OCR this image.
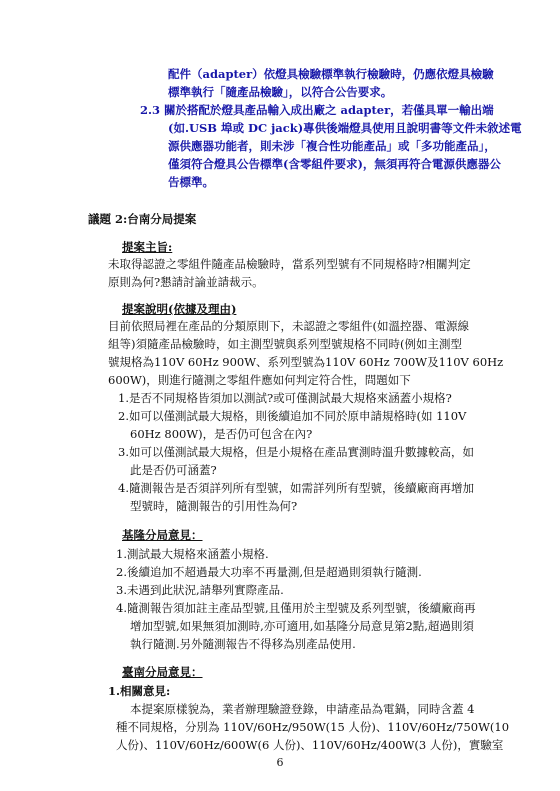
配件（adapter）依燈具檢驗標準執行檢驗時，仍應依燈具檢驗
標準執行「隨產品檢驗」，以符合公告要求。
2.3 關於搭配於燈具產品輸入成出廠之 adapter，若僅具單一輸出端
(如.USB 埠或 DC jack)專供後端燈具使用且說明書等文件未敘述電
源供應器功能者，則未涉「複合性功能產品」或「多功能產品」，
僅須符合燈具公告標準(含零組件要求)，無須再符合電源供應器公
告標準。
議題 2:台南分局提案
提案主旨:
未取得認證之零組件隨產品檢驗時，當系列型號有不同規格時?相關判定
原則為何?懇請討論並請裁示。
提案說明(依據及理由)
目前依照局裡在產品的分類原則下，未認證之零組件(如溫控器、電源線
組等)須隨產品檢驗時，如主測型號與系列型號規格不同時(例如主測型
號規格為110V 60Hz 900W、系列型號為110V 60Hz 700W及110V 60Hz
600W)，則進行隨測之零組件應如何判定符合性，問題如下
1.是否不同規格皆須加以測試?或可僅測試最大規格來涵蓋小規格?
2.如可以僅測試最大規格，則後續追加不同於原申請規格時(如 110V
60Hz 800W)，是否仍可包含在內?
3.如可以僅測試最大規格，但是小規格在產品實測時溫升數據較高，如
此是否仍可涵蓋?
4.隨測報告是否須詳列所有型號，如需詳列所有型號，後續廠商再增加
型號時，隨測報告的引用性為何?
基隆分局意見：
1.測試最大規格來涵蓋小規格.
2.後續追加不超過最大功率不再量測,但是超過則須執行隨測.
3.未遇到此狀況,請舉列實際產品.
4.隨測報告須加註主產品型號,且僅用於主型號及系列型號，後續廠商再
增加型號,如果無須加測時,亦可適用,如基隆分局意見第2點,超過則須
執行隨測.另外隨測報告不得移為別產品使用.
臺南分局意見：
1.相關意見:
本提案原樣貌為，業者辦理驗證登錄，申請產品為電鍋，同時含蓋 4
種不同規格，分別為 110V/60Hz/950W(15 人份)、110V/60Hz/750W(10
人份)、110V/60Hz/600W(6 人份)、110V/60Hz/400W(3 人份)，實驗室
6
